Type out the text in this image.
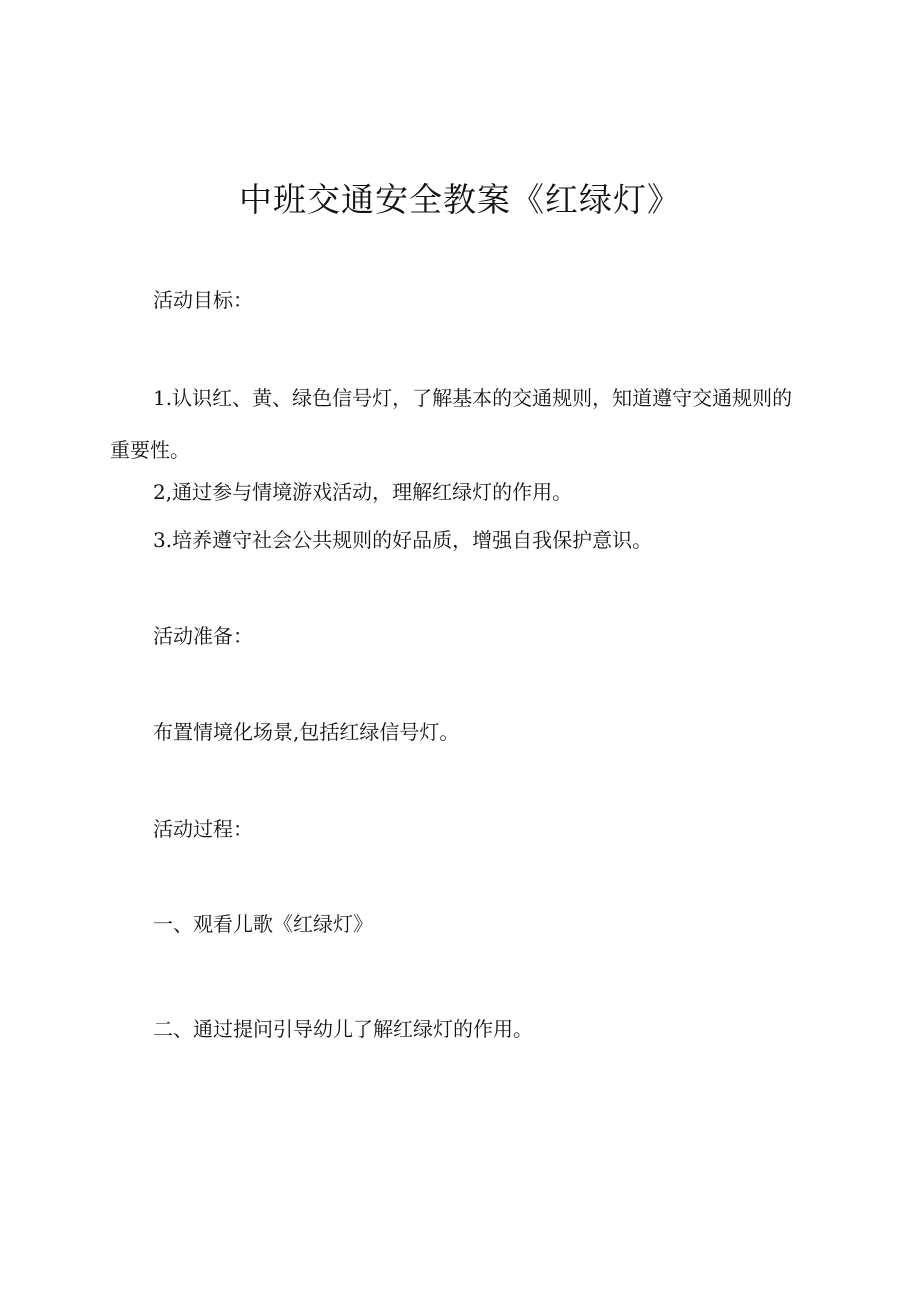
中班交通安全教案《红绿灯》
活动目标：
1.认识红、黄、绿色信号灯，了解基本的交通规则，知道遵守交通规则的重要性。
2,通过参与情境游戏活动，理解红绿灯的作用。
3.培养遵守社会公共规则的好品质，增强自我保护意识。
活动准备：
布置情境化场景,包括红绿信号灯。
活动过程：
一、观看儿歌《红绿灯》
二、通过提问引导幼儿了解红绿灯的作用。
